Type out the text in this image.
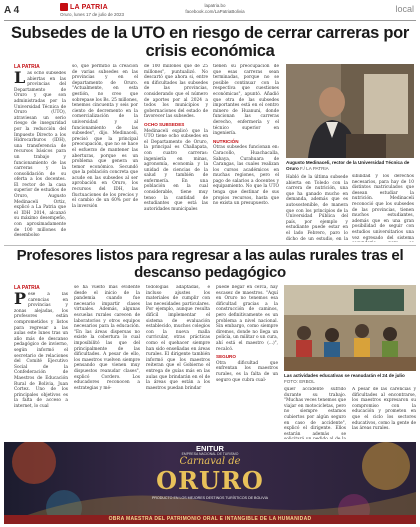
A 4	LA PATRIA
Oruro, lunes 17 de julio de 2023
lapatria.bo
facebook.com/LaPatriaBolivia	local
Subsedes de la UTO en riesgo de cerrar carreras por crisis económica
LA PATRIA
Las ocho subsedes abiertas en las provincias del Departamento de Oruro y que son administradas por la Universidad Técnica de Oruro (UTO), atraviesan un serio riesgo de inseguridad por la reducción del Impuesto Directo a los Hidrocarburos (IDH), una transferencia de recursos básicos para un trabajo y funcionamiento de las carreras y la consolidación de su oferta a los docentes. El rector de la casa superior de estudios de Oruro, Augusto Medinaceli Ortiz, explicó a La Patria que el IDH 2014, alcanzó su máximo desempeño, con aproximadamente de 100 millones de desembolso
so, que permitió la creación de varias subsedes en las provincias y en el departamento de Oruro. "Actualmente, en esta gestión, no creo que sobrepase los Bs. 25 millones, tenemos cincuenta y seis por ciento de decremento en la comercialización de la universidad y al funcionamiento de las subsedes", dijo. Medinaceli, precisó que la principal preocupación, que no se hace el esfuerzo de mantener las aberturas, porque es un problema que genera un temor económico. Secundó que la población concreta que acude en las subsedes al ser aprobación en Oruro, los recursos del IDH, las fluctuaciones de los precios y el cambio de un 60% por de la inversión
de 100 millones que de 25 millones", puntualizó. No descartó que ahora si, entre en dificultades las subsedes de las provincias, considerando que el número de aportes por al 2024 a todos los municipios y gobernaciones del estado de favorecer las subsedes.
OCHO SUBSEDES
Medinaceli explicó que la UTO tiene ocho subsedes en el Departamento de Oruro, la principal es Challapata, con cuatro carreras: ingeniería en minas, agronomía, economía y la unidad de ciencias de la salud y también de enfermería. En una población en la cual considerable, tiene muy tenso la cantidad de estudiantes que está las autoridades municipales
tienen su preocupación de que esas carreras sean terminadas, porque no se posible continuar con la respectiva que cuestiones económicas", apuntó. Añadió que otra de las subsedes importantes está en el centro minero de Huanuni, donde funcionan las carreras derecho, enfermería y el técnico superior en ingeniería.
NUTRICIÓN
Otras subsedes funcionan en: Caracollo, Huachacalla, Sabaya, Curahuara de Carangas, las cuales realizan los cursos académicos en muchas regiones, pero el pago de salarios a docentes y equipamiento. No que la UTO tenga que destinar de sus propios recursos, hasta que no exista un presupuesto.
Augusto Medinaceli, rector de la Universidad Técnica de Oruro F./ LA PATRIA
Habló de la última subsede abierta en Toledo con la carrera de nutrición, una que ha ganado mucho en demanda, además que es autosostenible, de manera que con los principios de la Universidad Pública del país, por ejemplo y estudiante puede estar en el lado Febrero, paro lo dicho de un estudio, en la
sibilidad y los derechos necesarios, para hay de 10 distintos matriculados que desean estudiar la nutrición. Medinaceli reconoció que los subsedes de las provincias, tienen muchos estudiantes, además que en una gran posibilidad de seguir con estudios universitarios una vez egresado del sistema
Profesores listos para regresar a las aulas rurales tras el descanso pedagógico
LA PATRIA
Pese a las carencias en provincias y zonas alejadas, los profesores están comprometidos y listos para regresar a las aulas este lunes tras un año más de descanso pedagógico de invierno, según informó el secretario de relaciones del Comité Ejecutivo Social de la Confederación de Maestros de Educación Rural de Bolivia, Juan Cortez. Uno de los principales objetivos es la falta de acceso a internet, lo cual
se ha vuelto más evidente desde el inicio de la pandemia cuando fue necesario impartir clases virtuales. Además, algunas escuelas rurales carecen de laboratorios y otros equipos necesarios para la educación. "En las áreas dispersas no existe la cobertura lo cual imposibilitó las que del principalmente de las dificultades. A pesar de ello, los maestros vuelven siempre pensando que vienen muy dispuestos reanudar clases", explicó Cordero. Los educadores reconocen a estrategias y mé-
todologías adaptadas, e incluso ajustes los materiales de cumplir con las necesidades particulares. Por ejemplo, aunque resulta difícil implementar el sistema de evaluación establecido, muchos colegios con la nueva malla curricular, otras prácticas como el quehacer siempre han sido enseñadas en áreas rurales. El dirigente también informó que los maestros reiteran que el Gobierno el entrega de guías más en las aulas que brindarán en el de la áreas que están a los maestros puedan brindar
puede llegar en cerca, hay escasez de maestros. "Aquí en Oruro no tenemos esa dificultad gracias a la construcción de caminos, pero definitivamente es un problema a nivel nacional. Sin embargo, como siempre diremos, donde no llega un policía, un militar o un cura, ahí está el maestro (...)", recalcó.
SEGURO
Otra dificultad que enfrentan los maestros rurales, es la falta de un seguro que cubra cual-
Las actividades educativas se reanudarán el 24 de julio FOTO: ERBOL
quier accidente sufrido durante su trabajo. "Muchas veces tenemos que viajar en motocicletas, pero no siempre estamos cubiertos por algún seguro en caso de accidente", explicó el dirigente. Ellos estarán además se
A pesar de las carencias y dificultades al encontrarse, los maestros expresaron su compromiso con la educación y prometen en que el ciclo los sectores educativos, como la gente de las áreas rurales.
ENITUR
EMPRESA NACIONAL DE TURISMO
Carnaval de
ORURO
PRODUCTO EN LOS MEJORES DESTINOS TURÍSTICOS DE BOLIVIA
OBRA MAESTRA DEL PATRIMONIO ORAL E INTANGIBLE DE LA HUMANIDAD
